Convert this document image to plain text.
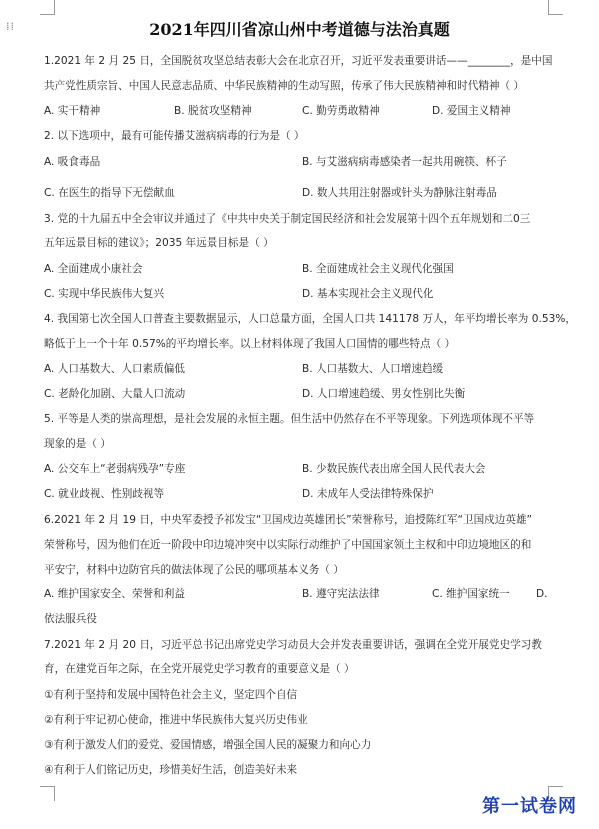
⁞⁞	2021年四川省凉山州中考道德与法治真题
1.2021 年 2 月 25 日，全国脱贫攻坚总结表彰大会在北京召开，习近平发表重要讲话——________，是中国
共产党性质宗旨、中国人民意志品质、中华民族精神的生动写照，传承了伟大民族精神和时代精神（ ）
A. 实干精神	B. 脱贫攻坚精神	C. 勤劳勇敢精神	D. 爱国主义精神
2. 以下选项中，最有可能传播艾滋病病毒的行为是（ ）
A. 吸食毒品	B. 与艾滋病病毒感染者一起共用碗筷、杯子
C. 在医生的指导下无偿献血	D. 数人共用注射器或针头为静脉注射毒品
3. 党的十九届五中全会审议并通过了《中共中央关于制定国民经济和社会发展第十四个五年规划和二0三
五年远景目标的建议》；2035 年远景目标是（ ）
A. 全面建成小康社会	B. 全面建成社会主义现代化强国
C. 实现中华民族伟大复兴	D. 基本实现社会主义现代化
4. 我国第七次全国人口普查主要数据显示，人口总量方面，全国人口共 141178 万人，年平均增长率为 0.53%，
略低于上一个十年 0.57%的平均增长率。以上材料体现了我国人口国情的哪些特点（ ）
A. 人口基数大、人口素质偏低	B. 人口基数大、人口增速趋缓
C. 老龄化加剧、大量人口流动	D. 人口增速趋缓、男女性别比失衡
5. 平等是人类的崇高理想，是社会发展的永恒主题。但生活中仍然存在不平等现象。下列选项体现不平等
现象的是（ ）
A. 公交车上“老弱病残孕”专座	B. 少数民族代表出席全国人民代表大会
C. 就业歧视、性别歧视等	D. 未成年人受法律特殊保护
6.2021 年 2 月 19 日，中央军委授予祁发宝“卫国戍边英雄团长”荣誉称号，追授陈红军“卫国戍边英雄”
荣誉称号，因为他们在近一阶段中印边境冲突中以实际行动维护了中国国家领土主权和中印边境地区的和
平安宁，材料中边防官兵的做法体现了公民的哪项基本义务（ ）
A. 维护国家安全、荣誉和利益	B. 遵守宪法法律	C. 维护国家统一 D.
依法服兵役
7.2021 年 2 月 20 日，习近平总书记出席党史学习动员大会并发表重要讲话，强调在全党开展党史学习教
育，在建党百年之际，在全党开展党史学习教育的重要意义是（ ）
①有利于坚持和发展中国特色社会主义，坚定四个自信
②有利于牢记初心使命，推进中华民族伟大复兴历史伟业
③有利于激发人们的爱党、爱国情感，增强全国人民的凝聚力和向心力
④有利于人们铭记历史，珍惜美好生活，创造美好未来
第一试卷网
